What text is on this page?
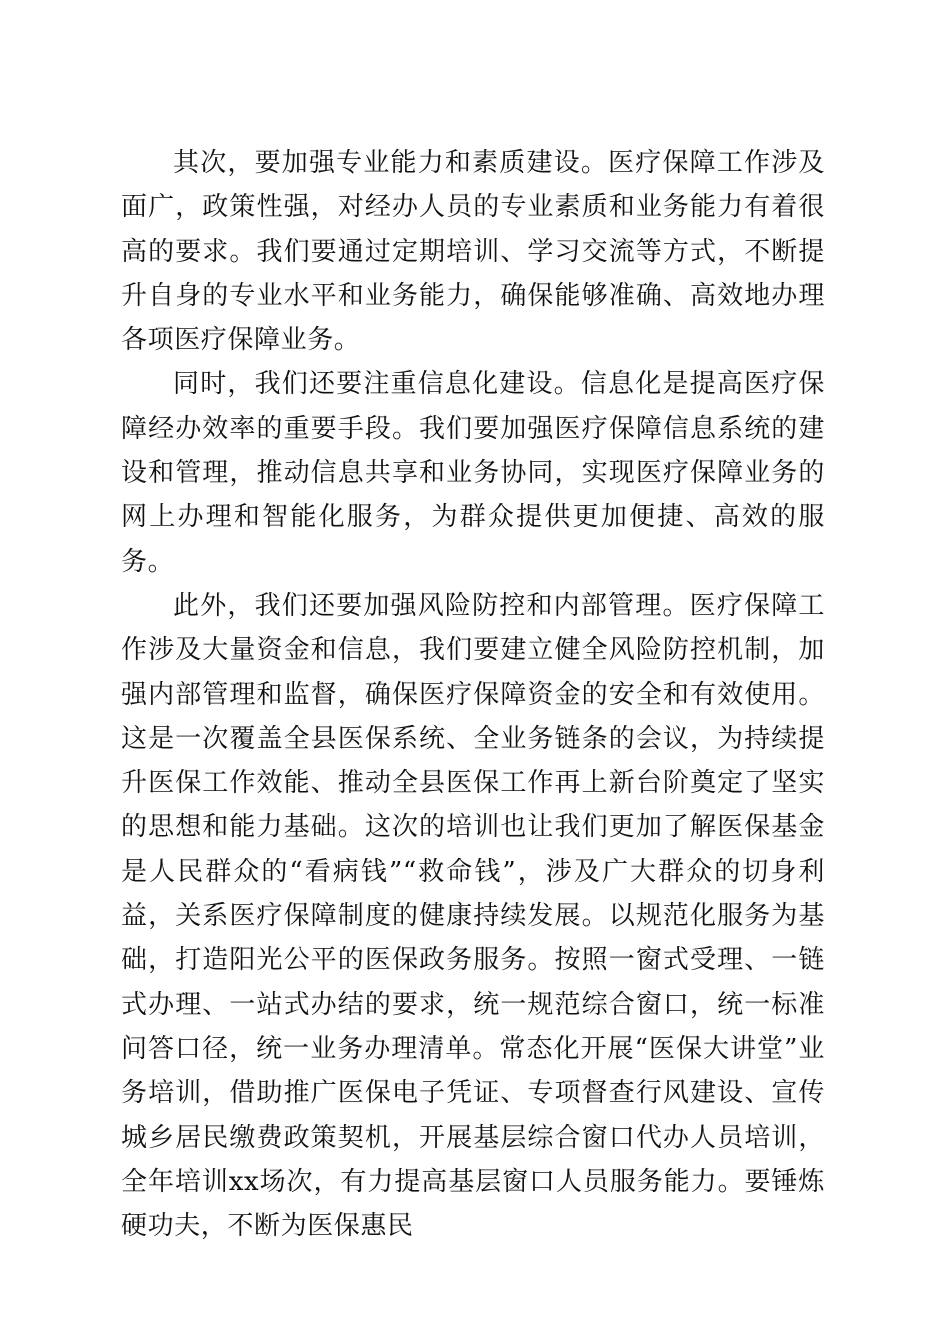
其次，要加强专业能力和素质建设。医疗保障工作涉及面广，政策性强，对经办人员的专业素质和业务能力有着很高的要求。我们要通过定期培训、学习交流等方式，不断提升自身的专业水平和业务能力，确保能够准确、高效地办理各项医疗保障业务。

同时，我们还要注重信息化建设。信息化是提高医疗保障经办效率的重要手段。我们要加强医疗保障信息系统的建设和管理，推动信息共享和业务协同，实现医疗保障业务的网上办理和智能化服务，为群众提供更加便捷、高效的服务。

此外，我们还要加强风险防控和内部管理。医疗保障工作涉及大量资金和信息，我们要建立健全风险防控机制，加强内部管理和监督，确保医疗保障资金的安全和有效使用。这是一次覆盖全县医保系统、全业务链条的会议，为持续提升医保工作效能、推动全县医保工作再上新台阶奠定了坚实的思想和能力基础。这次的培训也让我们更加了解医保基金是人民群众的“看病钱”“救命钱”，涉及广大群众的切身利益，关系医疗保障制度的健康持续发展。以规范化服务为基础，打造阳光公平的医保政务服务。按照一窗式受理、一链式办理、一站式办结的要求，统一规范综合窗口，统一标准问答口径，统一业务办理清单。常态化开展“医保大讲堂”业务培训，借助推广医保电子凭证、专项督查行风建设、宣传城乡居民缴费政策契机，开展基层综合窗口代办人员培训，全年培训xx场次，有力提高基层窗口人员服务能力。要锤炼硬功夫，不断为医保惠民
